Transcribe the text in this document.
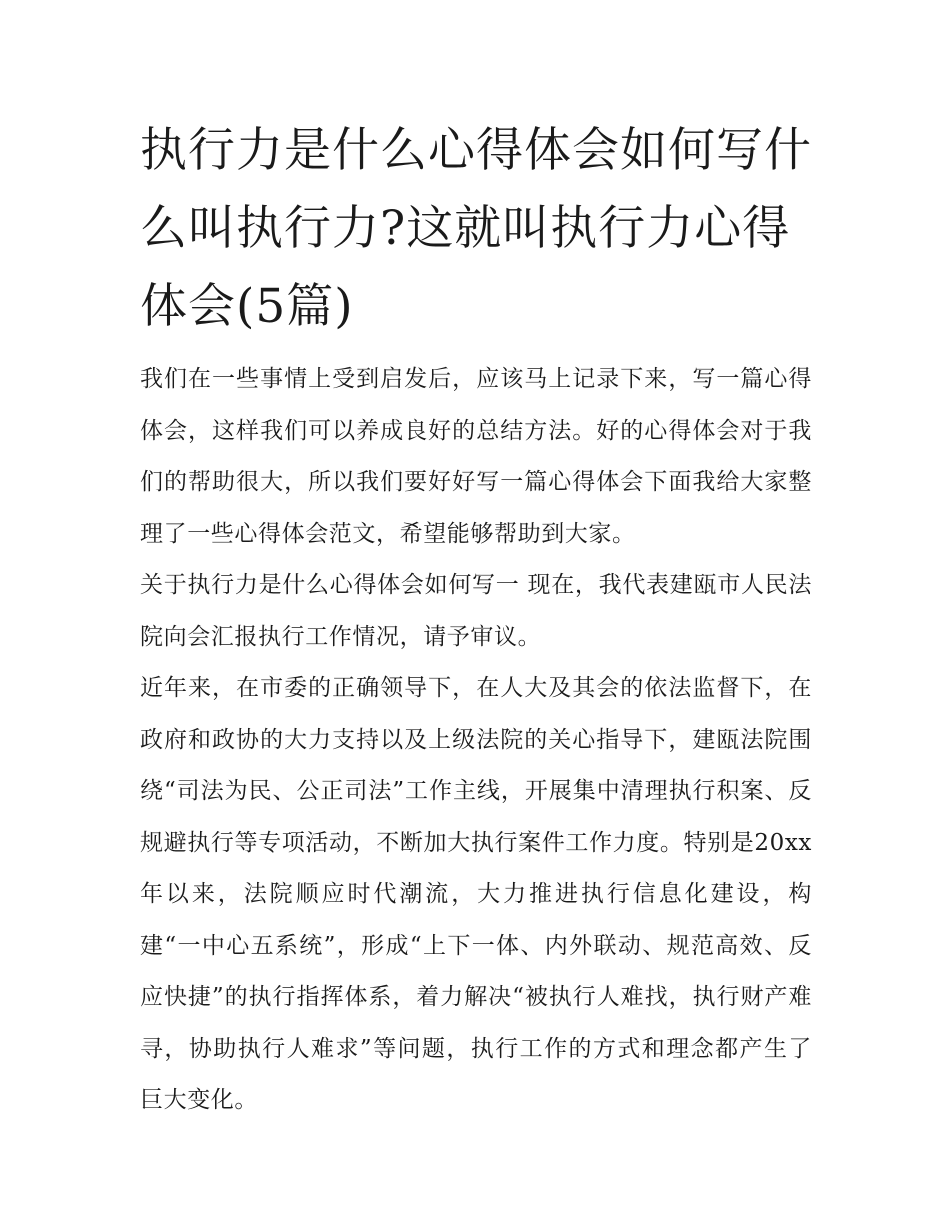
执行力是什么心得体会如何写什么叫执行力?这就叫执行力心得体会(5篇)

我们在一些事情上受到启发后，应该马上记录下来，写一篇心得体会，这样我们可以养成良好的总结方法。好的心得体会对于我们的帮助很大，所以我们要好好写一篇心得体会下面我给大家整理了一些心得体会范文，希望能够帮助到大家。

关于执行力是什么心得体会如何写一 现在，我代表建瓯市人民法院向会汇报执行工作情况，请予审议。

近年来，在市委的正确领导下，在人大及其会的依法监督下，在政府和政协的大力支持以及上级法院的关心指导下，建瓯法院围绕“司法为民、公正司法”工作主线，开展集中清理执行积案、反规避执行等专项活动，不断加大执行案件工作力度。特别是20xx年以来，法院顺应时代潮流，大力推进执行信息化建设，构建“一中心五系统”，形成“上下一体、内外联动、规范高效、反应快捷”的执行指挥体系，着力解决“被执行人难找，执行财产难寻，协助执行人难求”等问题，执行工作的方式和理念都产生了巨大变化。
